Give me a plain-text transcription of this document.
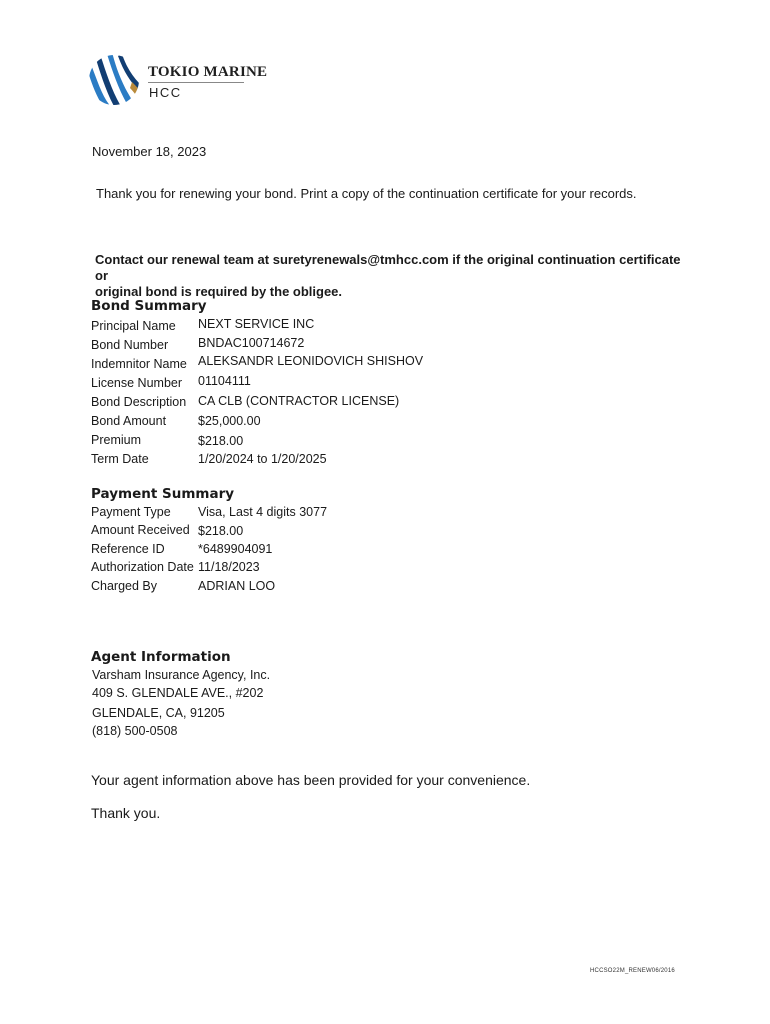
TOKIO MARINE
HCC
November 18, 2023
Thank you for renewing your bond. Print a copy of the continuation certificate for your records.
Contact our renewal team at suretyrenewals@tmhcc.com if the original continuation certificate or
original bond is required by the obligee.
Bond Summary
Principal Name NEXT SERVICE INC
Bond Number BNDAC100714672
Indemnitor Name ALEKSANDR LEONIDOVICH SHISHOV
License Number 01104111
Bond Description CA CLB (CONTRACTOR LICENSE)
Bond Amount	$25,000.00
Premium	$218.00
Term Date	1/20/2024 to 1/20/2025
Payment Summary
Payment Type Visa, Last 4 digits 3077
Amount Received $218.00
Reference ID	*6489904091
Authorization Date 11/18/2023
Charged By	ADRIAN LOO
Agent Information
Varsham Insurance Agency, Inc.
409 S. GLENDALE AVE., #202
GLENDALE, CA, 91205
(818) 500-0508
Your agent information above has been provided for your convenience.
Thank you.
HCCSO22M_RENEW06/2016
